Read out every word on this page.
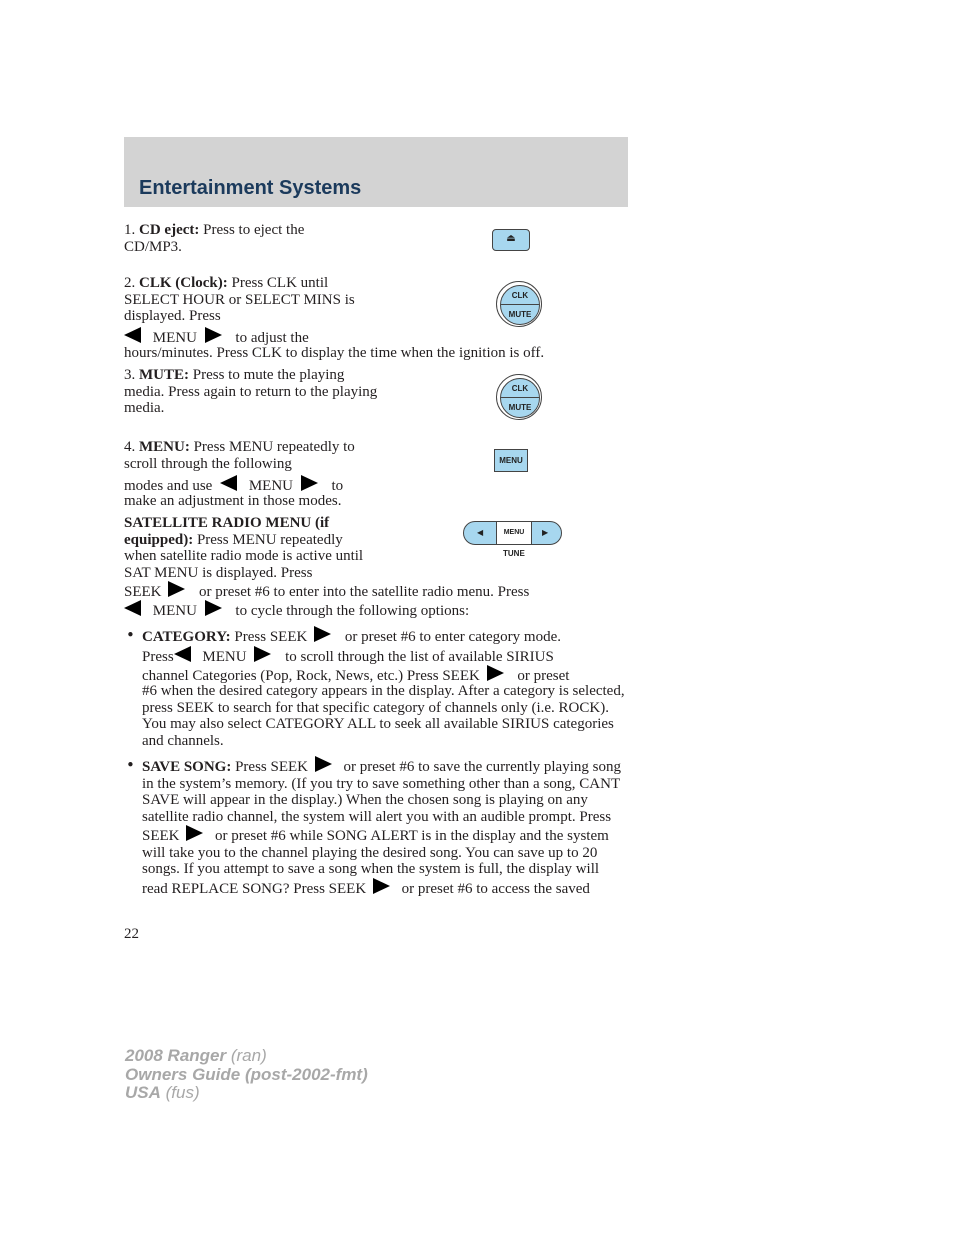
Entertainment Systems
1. CD eject: Press to eject the CD/MP3.	⏏
2. CLK (Clock): Press CLK until SELECT HOUR or SELECT MINS is displayed. Press
MENU	to adjust the
hours/minutes. Press CLK to display the time when the ignition is off.
CLK
MUTE
3. MUTE: Press to mute the playing media. Press again to return to the playing media.
CLK
MUTE
4. MENU: Press MENU repeatedly to scroll through the following
modes and use MENU	to
make an adjustment in those modes.
MENU
SATELLITE RADIO MENU (if equipped): Press MENU repeatedly when satellite radio mode is active until SAT MENU is displayed. Press
SEEK	or preset #6 to enter into the satellite radio menu. Press
MENU	to cycle through the following options:
◀	MENU	▶
TUNE
• CATEGORY: Press SEEK	or preset #6 to enter category mode.
Press MENU	to scroll through the list of available SIRIUS
channel Categories (Pop, Rock, News, etc.) Press SEEK	or preset
#6 when the desired category appears in the display. After a category is selected, press SEEK to search for that specific category of channels only (i.e. ROCK). You may also select CATEGORY ALL to seek all available SIRIUS categories and channels.
• SAVE SONG: Press SEEK or preset #6 to save the currently playing song in the system’s memory. (If you try to save something other than a song, CANT SAVE will appear in the display.) When the chosen song is playing on any satellite radio channel, the system will alert you with an audible prompt. Press SEEK or preset #6 while SONG ALERT is in the display and the system will take you to the channel playing the desired song. You can save up to 20 songs. If you attempt to save a song when the system is full, the display will read REPLACE SONG? Press SEEK or preset #6 to access the saved
22
2008 Ranger (ran)
Owners Guide (post-2002-fmt)
USA (fus)
